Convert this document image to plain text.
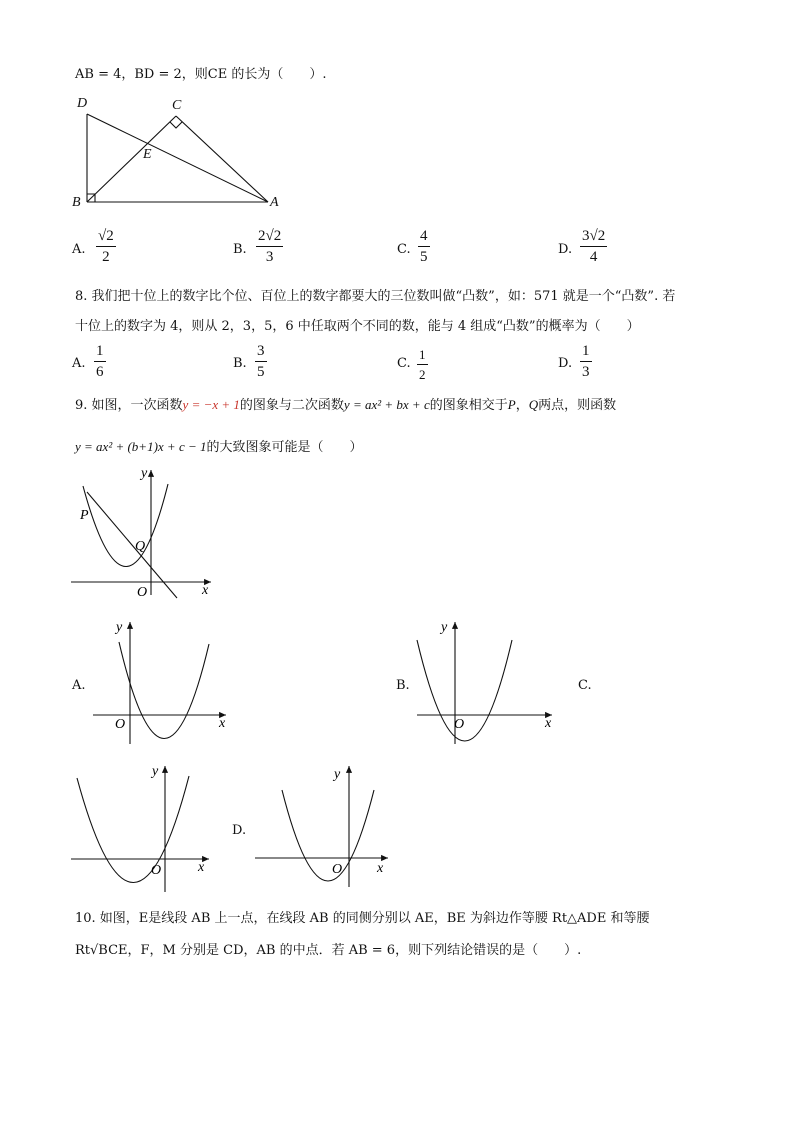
AB = 4，BD = 2，则CE 的长为（　　）.
D	C
E
B	A
A. $\frac{√2}{2}$	B. $\frac{2√2}{3}$	C. $\frac{4}{5}$	D. $\frac{3√2}{4}$
8. 我们把十位上的数字比个位、百位上的数字都要大的三位数叫做“凸数”，如：571 就是一个“凸数”. 若
十位上的数字为 4，则从 2，3，5，6 中任取两个不同的数，能与 4 组成“凸数”的概率为（　　）
A. $\frac{1}{6}$	B. $\frac{3}{5}$	C. $\frac{1}{2}$	D. $\frac{1}{3}$
9. 如图，一次函数y = −x + 1的图象与二次函数y = ax² + bx + c的图象相交于P，Q两点，则函数
y = ax² + (b+1)x + c − 1的大致图象可能是（　　）
y
x
O
P
Q
A.
y
x
O
B.
y
x
O
C.
y
x
O
D.
y
x
O
10. 如图，E是线段 AB 上一点，在线段 AB 的同侧分别以 AE，BE 为斜边作等腰 Rt△ADE 和等腰
Rt√BCE，F，M 分别是 CD，AB 的中点．若 AB = 6，则下列结论错误的是（　　）.
